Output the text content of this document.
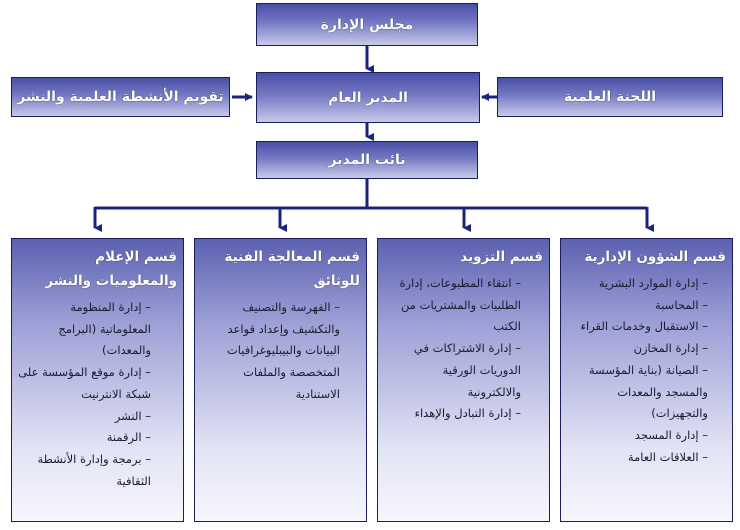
مجلس الإدارة
المدير العام
تقويم الأنشطة العلمية والنشر	اللجنة العلمية
نائب المدير
قسم الشؤون الإدارية
– إدارة الموارد البشرية
– المحاسبة
– الاستقبال وخدمات القراء
– إدارة المخازن
– الصيانة (بناية المؤسسة
والمسجد والمعدات
والتجهيزات)
– إدارة المسجد
– العلاقات العامة
قسم التزويد
– انتقاء المطبوعات، إدارة
الطلبيات والمشتريات من
الكتب
– إدارة الاشتراكات في
الدوريات الورقية
والالكترونية
– إدارة التبادل والإهداء
قسم المعالجة الفنية للوثائق
– الفهرسة والتصنيف
والتكشيف وإعداد قواعد
البيانات والبيبليوغرافيات
المتخصصة والملفات
الاستنادية
قسم الإعلام والمعلوميات والنشر
– إدارة المنظومة
المعلوماتية (البرامج
والمعدات)
– إدارة موقع المؤسسة على
شبكة الانترنيت
– النشر
– الرقمنة
– برمجة وإدارة الأنشطة
الثقافية
